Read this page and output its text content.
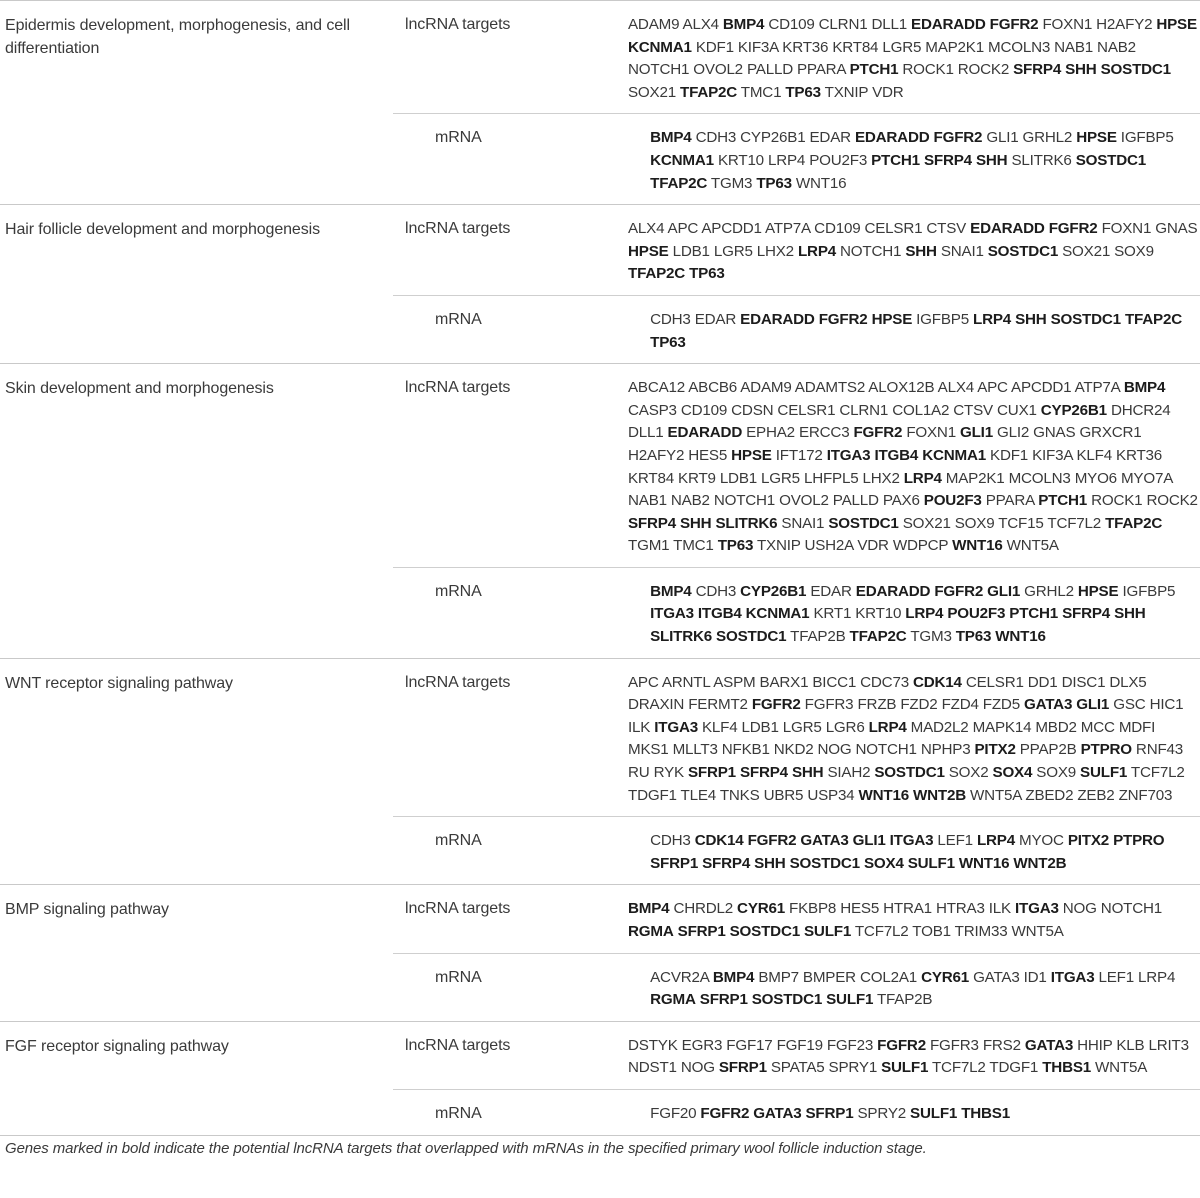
Epidermis development, morphogenesis, and cell differentiation
lncRNA targets	ADAM9 ALX4 BMP4 CD109 CLRN1 DLL1 EDARADD FGFR2 FOXN1 H2AFY2 HPSE KCNMA1 KDF1 KIF3A KRT36 KRT84 LGR5 MAP2K1 MCOLN3 NAB1 NAB2 NOTCH1 OVOL2 PALLD PPARA PTCH1 ROCK1 ROCK2 SFRP4 SHH SOSTDC1 SOX21 TFAP2C TMC1 TP63 TXNIP VDR
mRNA	BMP4 CDH3 CYP26B1 EDAR EDARADD FGFR2 GLI1 GRHL2 HPSE IGFBP5 KCNMA1 KRT10 LRP4 POU2F3 PTCH1 SFRP4 SHH SLITRK6 SOSTDC1 TFAP2C TGM3 TP63 WNT16
Hair follicle development and morphogenesis	lncRNA targets	ALX4 APC APCDD1 ATP7A CD109 CELSR1 CTSV EDARADD FGFR2 FOXN1 GNAS HPSE LDB1 LGR5 LHX2 LRP4 NOTCH1 SHH SNAI1 SOSTDC1 SOX21 SOX9 TFAP2C TP63
mRNA	CDH3 EDAR EDARADD FGFR2 HPSE IGFBP5 LRP4 SHH SOSTDC1 TFAP2C TP63
Skin development and morphogenesis	lncRNA targets	ABCA12 ABCB6 ADAM9 ADAMTS2 ALOX12B ALX4 APC APCDD1 ATP7A BMP4 CASP3 CD109 CDSN CELSR1 CLRN1 COL1A2 CTSV CUX1 CYP26B1 DHCR24 DLL1 EDARADD EPHA2 ERCC3 FGFR2 FOXN1 GLI1 GLI2 GNAS GRXCR1 H2AFY2 HES5 HPSE IFT172 ITGA3 ITGB4 KCNMA1 KDF1 KIF3A KLF4 KRT36 KRT84 KRT9 LDB1 LGR5 LHFPL5 LHX2 LRP4 MAP2K1 MCOLN3 MYO6 MYO7A NAB1 NAB2 NOTCH1 OVOL2 PALLD PAX6 POU2F3 PPARA PTCH1 ROCK1 ROCK2 SFRP4 SHH SLITRK6 SNAI1 SOSTDC1 SOX21 SOX9 TCF15 TCF7L2 TFAP2C TGM1 TMC1 TP63 TXNIP USH2A VDR WDPCP WNT16 WNT5A
mRNA	BMP4 CDH3 CYP26B1 EDAR EDARADD FGFR2 GLI1 GRHL2 HPSE IGFBP5 ITGA3 ITGB4 KCNMA1 KRT1 KRT10 LRP4 POU2F3 PTCH1 SFRP4 SHH SLITRK6 SOSTDC1 TFAP2B TFAP2C TGM3 TP63 WNT16
WNT receptor signaling pathway	lncRNA targets	APC ARNTL ASPM BARX1 BICC1 CDC73 CDK14 CELSR1 DD1 DISC1 DLX5 DRAXIN FERMT2 FGFR2 FGFR3 FRZB FZD2 FZD4 FZD5 GATA3 GLI1 GSC HIC1 ILK ITGA3 KLF4 LDB1 LGR5 LGR6 LRP4 MAD2L2 MAPK14 MBD2 MCC MDFI MKS1 MLLT3 NFKB1 NKD2 NOG NOTCH1 NPHP3 PITX2 PPAP2B PTPRO RNF43 RU RYK SFRP1 SFRP4 SHH SIAH2 SOSTDC1 SOX2 SOX4 SOX9 SULF1 TCF7L2 TDGF1 TLE4 TNKS UBR5 USP34 WNT16 WNT2B WNT5A ZBED2 ZEB2 ZNF703
mRNA	CDH3 CDK14 FGFR2 GATA3 GLI1 ITGA3 LEF1 LRP4 MYOC PITX2 PTPRO SFRP1 SFRP4 SHH SOSTDC1 SOX4 SULF1 WNT16 WNT2B
BMP signaling pathway	lncRNA targets	BMP4 CHRDL2 CYR61 FKBP8 HES5 HTRA1 HTRA3 ILK ITGA3 NOG NOTCH1 RGMA SFRP1 SOSTDC1 SULF1 TCF7L2 TOB1 TRIM33 WNT5A
mRNA	ACVR2A BMP4 BMP7 BMPER COL2A1 CYR61 GATA3 ID1 ITGA3 LEF1 LRP4 RGMA SFRP1 SOSTDC1 SULF1 TFAP2B
FGF receptor signaling pathway	lncRNA targets	DSTYK EGR3 FGF17 FGF19 FGF23 FGFR2 FGFR3 FRS2 GATA3 HHIP KLB LRIT3 NDST1 NOG SFRP1 SPATA5 SPRY1 SULF1 TCF7L2 TDGF1 THBS1 WNT5A
mRNA	FGF20 FGFR2 GATA3 SFRP1 SPRY2 SULF1 THBS1
Genes marked in bold indicate the potential lncRNA targets that overlapped with mRNAs in the specified primary wool follicle induction stage.
